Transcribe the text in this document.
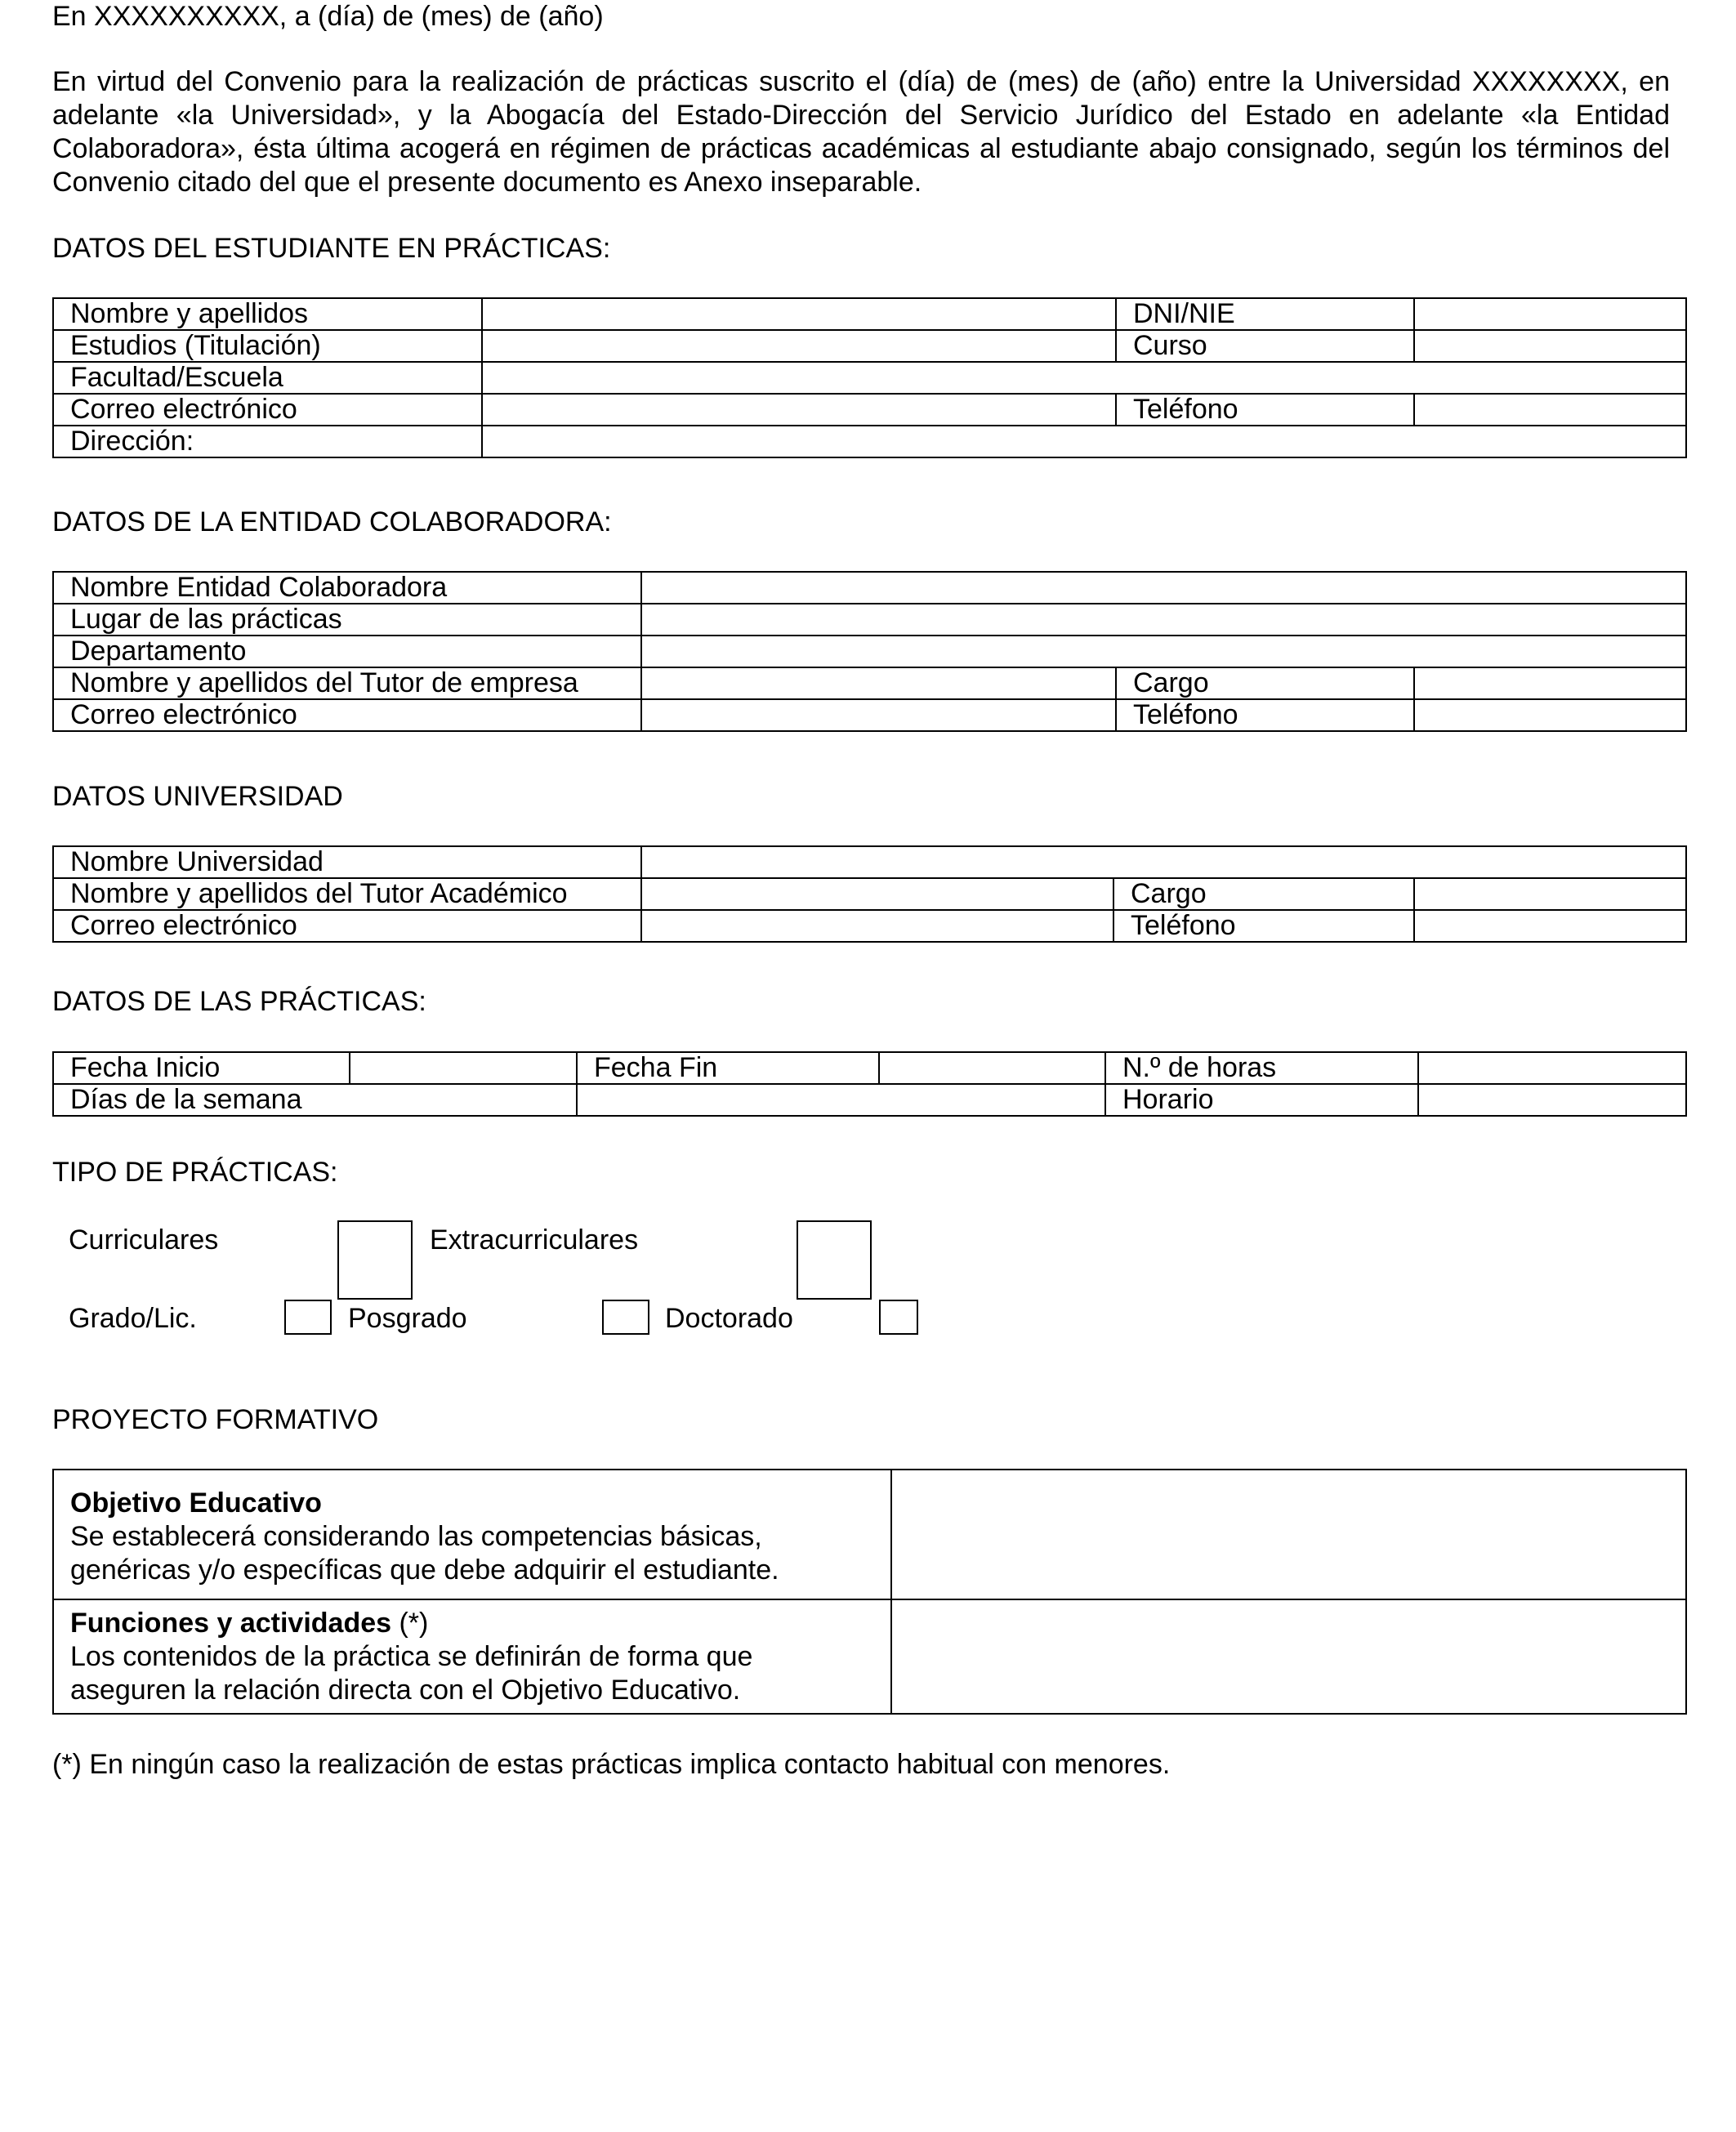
En XXXXXXXXXX, a (día) de (mes) de (año)
En virtud del Convenio para la realización de prácticas suscrito el (día) de (mes) de (año) entre la Universidad XXXXXXXX, en adelante «la Universidad», y la Abogacía del Estado-Dirección del Servicio Jurídico del Estado en adelante «la Entidad Colaboradora», ésta última acogerá en régimen de prácticas académicas al estudiante abajo consignado, según los términos del Convenio citado del que el presente documento es Anexo inseparable.
DATOS DEL ESTUDIANTE EN PRÁCTICAS:
Nombre y apellidos		DNI/NIE	
Estudios (Titulación)		Curso	
Facultad/Escuela			
Correo electrónico		Teléfono	
Dirección:			
DATOS DE LA ENTIDAD COLABORADORA:
Nombre Entidad Colaboradora			
Lugar de las prácticas			
Departamento			
Nombre y apellidos del Tutor de empresa		Cargo	
Correo electrónico		Teléfono	
DATOS UNIVERSIDAD
Nombre Universidad			
Nombre y apellidos del Tutor Académico		Cargo	
Correo electrónico		Teléfono	
DATOS DE LAS PRÁCTICAS:
Fecha Inicio		Fecha Fin		N.º de horas	
Días de la semana				Horario	
TIPO DE PRÁCTICAS:
Curriculares	Extracurriculares
Grado/Lic.	Posgrado	Doctorado
PROYECTO FORMATIVO
Objetivo Educativo
Se establecerá considerando las competencias básicas, genéricas y/o específicas que debe adquirir el estudiante.	

Funciones y actividades (*)
Los contenidos de la práctica se definirán de forma que aseguren la relación directa con el Objetivo Educativo.	

(*) En ningún caso la realización de estas prácticas implica contacto habitual con menores.
